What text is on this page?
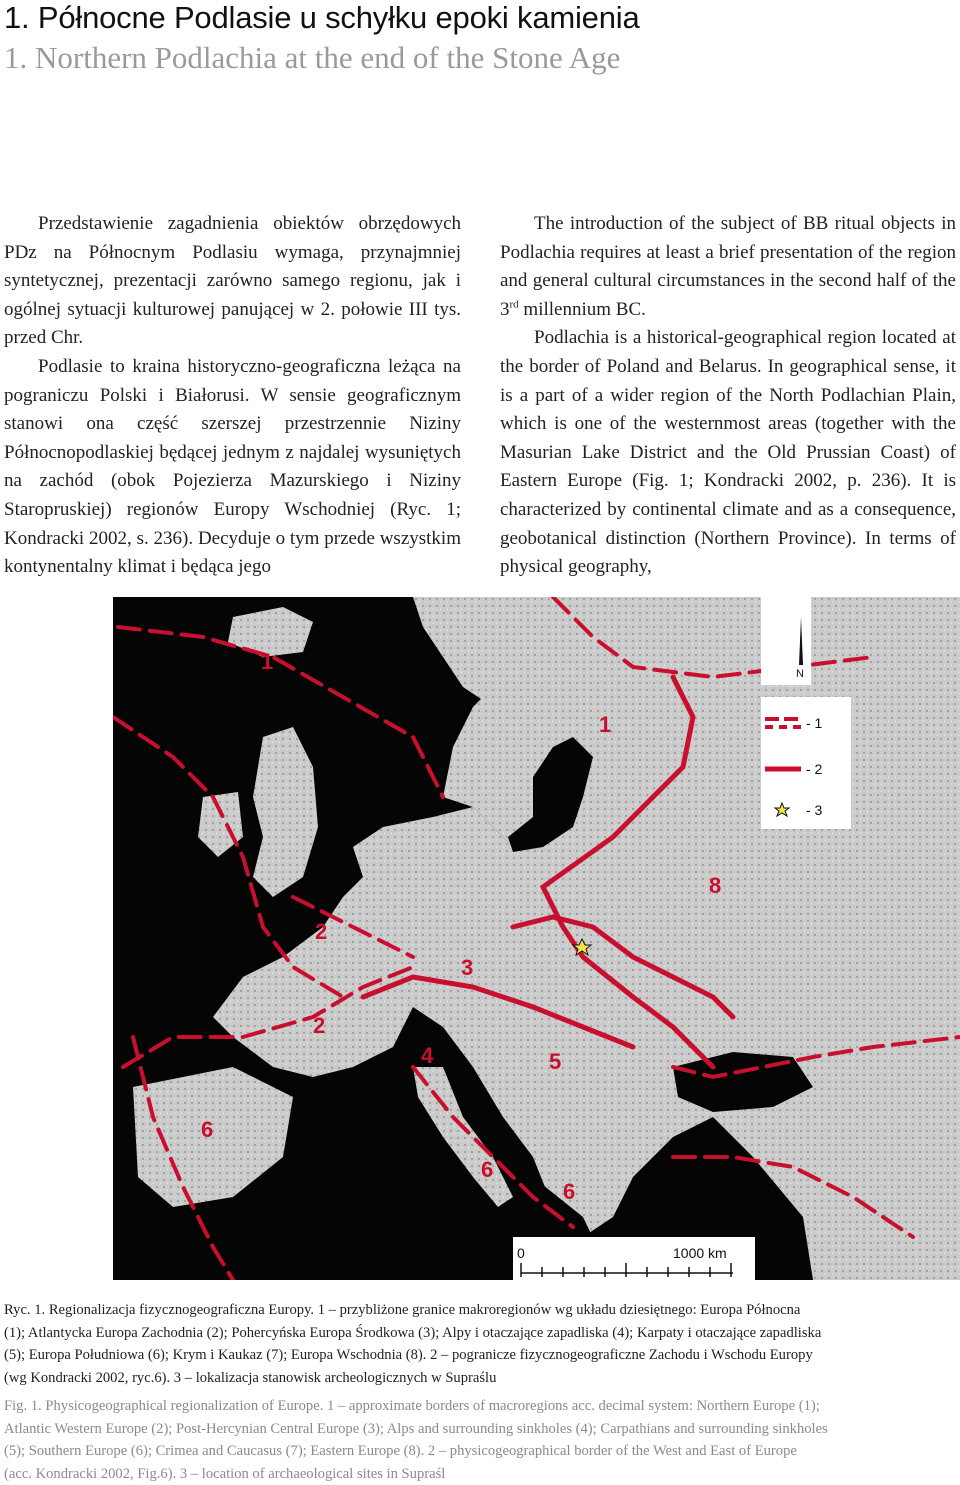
1. Północne Podlasie u schyłku epoki kamienia
1. Northern Podlachia at the end of the Stone Age

Przedstawienie zagadnienia obiektów obrzędowych PDz na Północnym Podlasiu wymaga, przynajmniej syntetycznej, prezentacji zarówno samego regionu, jak i ogólnej sytuacji kulturowej panującej w 2. połowie III tys. przed Chr.

Podlasie to kraina historyczno-geograficzna leżąca na pograniczu Polski i Białorusi. W sensie geograficznym stanowi ona część szerszej przestrzennie Niziny Północnopodlaskiej będącej jednym z najdalej wysuniętych na zachód (obok Pojezierza Mazurskiego i Niziny Staropruskiej) regionów Europy Wschodniej (Ryc. 1; Kondracki 2002, s. 236). Decyduje o tym przede wszystkim kontynentalny klimat i będąca jego

The introduction of the subject of BB ritual objects in Podlachia requires at least a brief presentation of the region and general cultural circumstances in the second half of the 3rd millennium BC.

Podlachia is a historical-geographical region located at the border of Poland and Belarus. In geographical sense, it is a part of a wider region of the North Podlachian Plain, which is one of the westernmost areas (together with the Masurian Lake District and the Old Prussian Coast) of Eastern Europe (Fig. 1; Kondracki 2002, p. 236). It is characterized by continental climate and as a consequence, geobotanical distinction (Northern Province). In terms of physical geography,

1
1
2
2
3
4	5
6
6
6
8
N
- 1
- 2
- 3
0	1000 km
Ryc. 1. Regionalizacja fizycznogeograficzna Europy. 1 – przybliżone granice makroregionów wg układu dziesiętnego: Europa Północna
(1); Atlantycka Europa Zachodnia (2); Pohercyńska Europa Środkowa (3); Alpy i otaczające zapadliska (4); Karpaty i otaczające zapadliska
(5); Europa Południowa (6); Krym i Kaukaz (7); Europa Wschodnia (8). 2 – pogranicze fizycznogeograficzne Zachodu i Wschodu Europy
(wg Kondracki 2002, ryc.6). 3 – lokalizacja stanowisk archeologicznych w Supraślu
Fig. 1. Physicogeographical regionalization of Europe. 1 – approximate borders of macroregions acc. decimal system: Northern Europe (1);
Atlantic Western Europe (2); Post-Hercynian Central Europe (3); Alps and surrounding sinkholes (4); Carpathians and surrounding sinkholes
(5); Southern Europe (6); Crimea and Caucasus (7); Eastern Europe (8). 2 – physicogeographical border of the West and East of Europe
(acc. Kondracki 2002, Fig.6). 3 – location of archaeological sites in Supraśl
